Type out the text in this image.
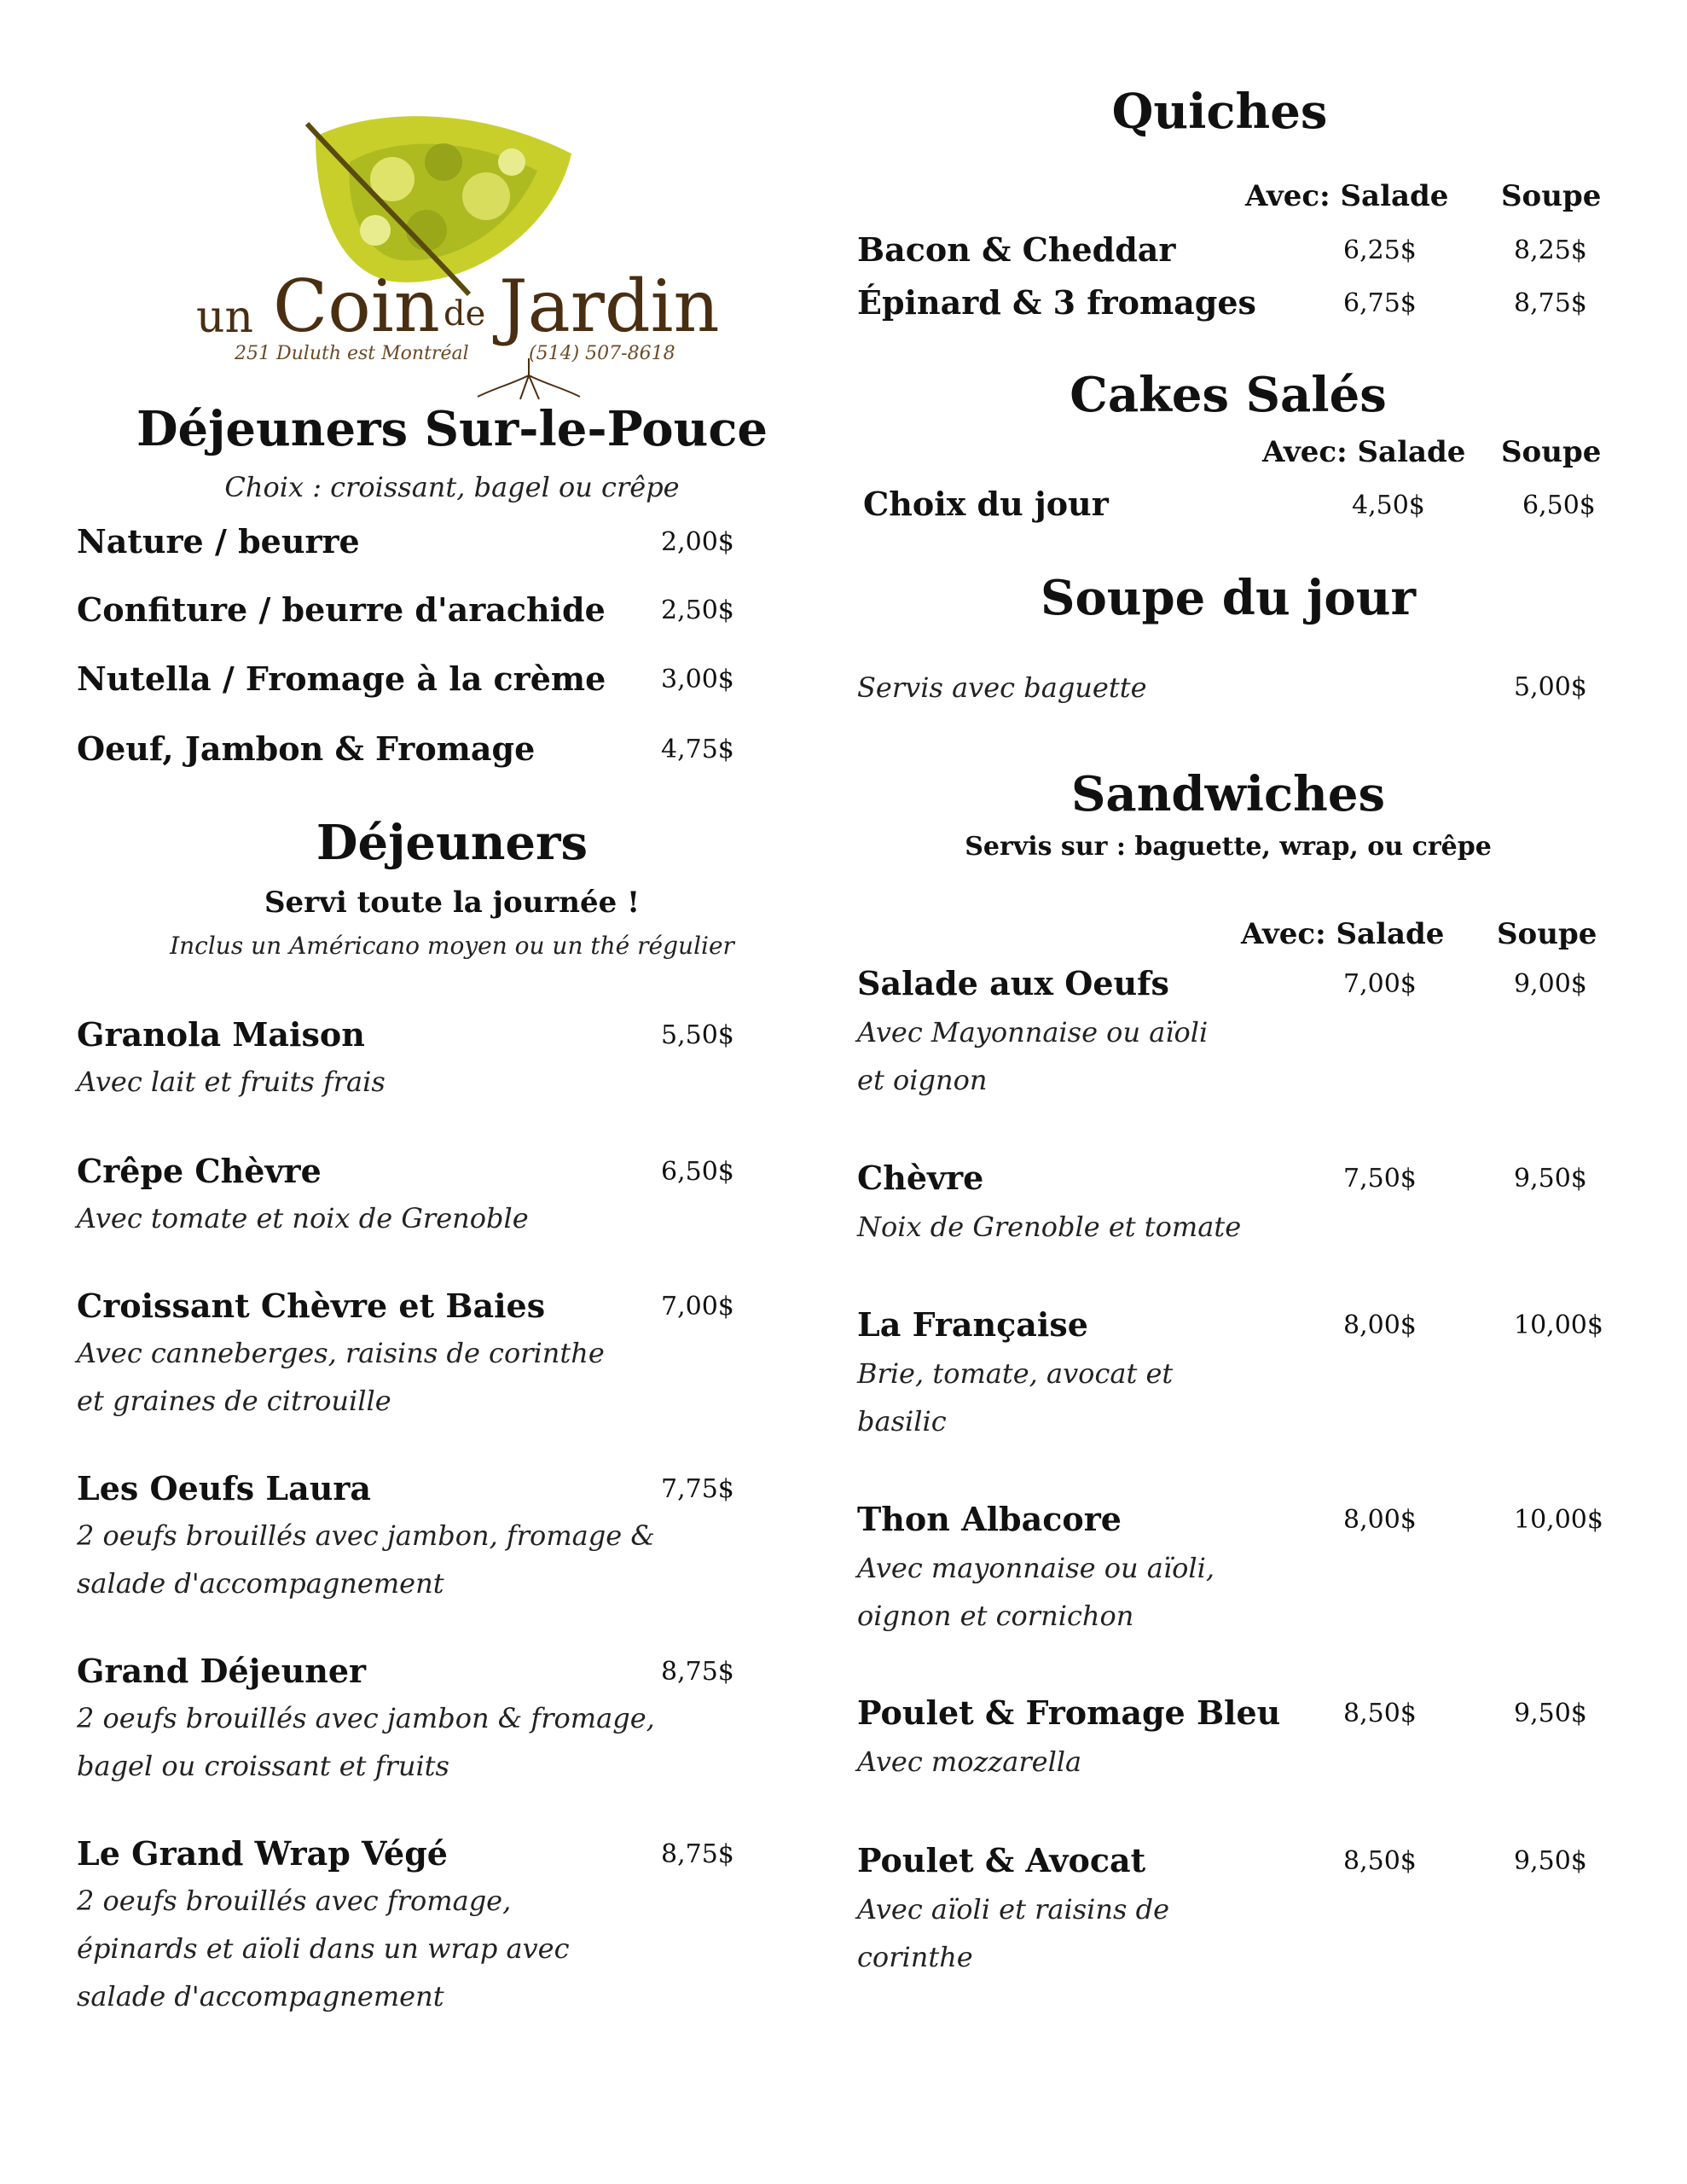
un Coin de Jardin
251 Duluth est Montréal	(514) 507-8618
Déjeuners Sur-le-Pouce
Choix : croissant, bagel ou crêpe
Nature / beurre	2,00$
Confiture / beurre d'arachide 2,50$
Nutella / Fromage à la crème 3,00$
Oeuf, Jambon & Fromage	4,75$
Déjeuners
Servi toute la journée !
Inclus un Américano moyen ou un thé régulier
Granola Maison	5,50$
Avec lait et fruits frais
Crêpe Chèvre	6,50$
Avec tomate et noix de Grenoble
Croissant Chèvre et Baies	7,00$
Avec canneberges, raisins de corinthe et graines de citrouille
Les Oeufs Laura	7,75$
2 oeufs brouillés avec jambon, fromage & salade d'accompagnement
Grand Déjeuner	8,75$
2 oeufs brouillés avec jambon & fromage, bagel ou croissant et fruits
Le Grand Wrap Végé	8,75$
2 oeufs brouillés avec fromage, épinards et aïoli dans un wrap avec salade d'accompagnement
Quiches
Avec: Salade Soupe
Bacon & Cheddar	6,25$	8,25$
Épinard & 3 fromages	6,75$	8,75$
Cakes Salés
Avec: Salade Soupe
Choix du jour	4,50$	6,50$
Soupe du jour
Servis avec baguette	5,00$
Sandwiches
Servis sur : baguette, wrap, ou crêpe
Avec: Salade Soupe
Salade aux Oeufs	7,00$	9,00$
Avec Mayonnaise ou aïoli et oignon
Chèvre	7,50$	9,50$
Noix de Grenoble et tomate
La Française	8,00$	10,00$
Brie, tomate, avocat et basilic
Thon Albacore	8,00$	10,00$
Avec mayonnaise ou aïoli, oignon et cornichon
Poulet & Fromage Bleu 8,50$	9,50$
Avec mozzarella
Poulet & Avocat	8,50$	9,50$
Avec aïoli et raisins de corinthe
